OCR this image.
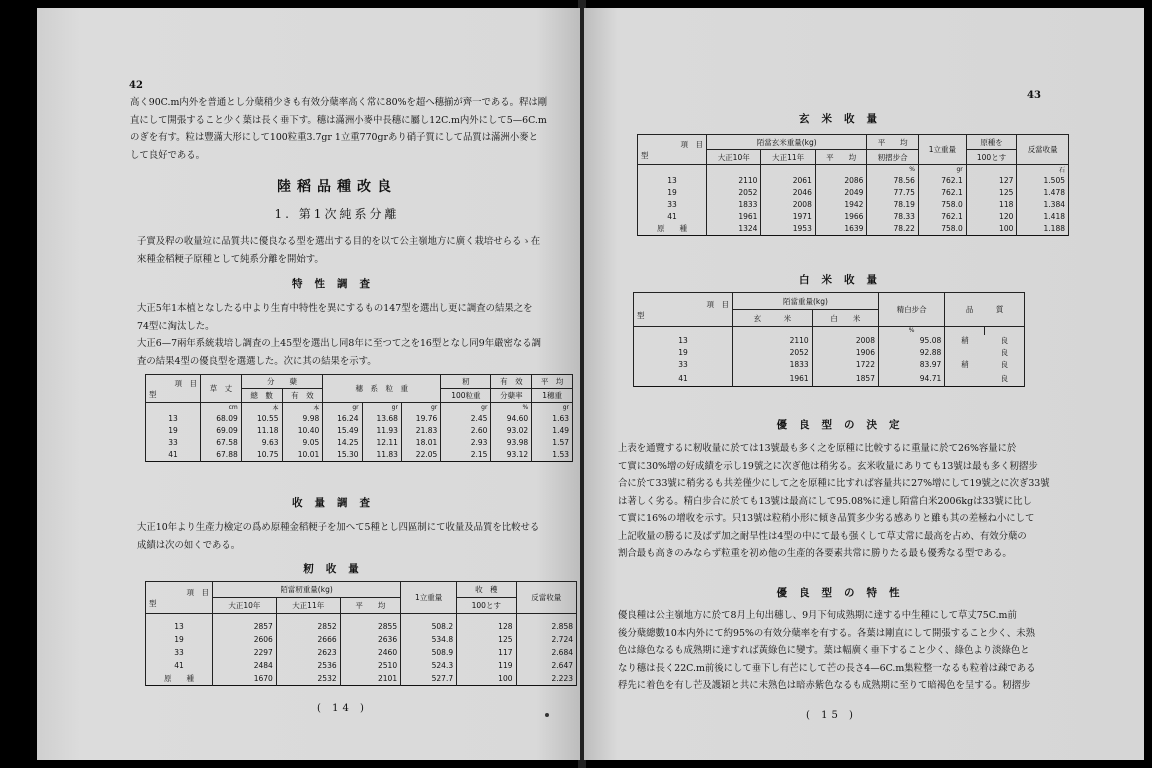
42
高く90C.m内外を普通とし分蘖稍少きも有效分蘖率高く常に80%を超へ穗揃が齊一である。稈は剛
直にして開張すること少く葉は長く垂下す。穗は滿洲小麥中長穗に屬し12C.m内外にして5—6C.m
のぎを有す。粒は豐滿大形にして100粒重3.7gr 1立重770grあり硝子質にして品質は滿洲小麥と
して良好である。
陸稻品種改良
1. 第1次純系分離
子實及稈の收量竝に品質共に優良なる型を選出する目的を以て公主嶺地方に廣く栽培せらるゝ在
來種金稻粳子原種として純系分離を開始す。
特性調査
大正5年1本植となしたる中より生育中特性を異にするもの147型を選出し更に調査の結果之を
74型に淘汰した。
大正6—7兩年系統栽培し調査の上45型を選出し同8年に至つて之を16型となし同9年嚴密なる調
査の結果4型の優良型を選選した。次に其の結果を示す。
項　目
型	草　丈	分　　蘖		穗　系　粒　重			籾	有　效	平　均
		總　數	有　效				100粒重	分蘖率	1穗重
	cm	本	本	gr	gr	gr	gr	%	gr
13	68.09	10.55	9.98	16.24	13.68	19.76	2.45	94.60	1.63
19	69.09	11.18	10.40	15.49	11.93	21.83	2.60	93.02	1.49
33	67.58	9.63	9.05	14.25	12.11	18.01	2.93	93.98	1.57
41	67.88	10.75	10.01	15.30	11.83	22.05	2.15	93.12	1.53
收量調査
大正10年より生產力檢定の爲め原種金稻粳子を加へて5種とし四區制にて收量及品質を比較せる
成績は次の如くである。
籾收量
項　目
型	陌當籾重量(kg)			1立重量	收　穫	反當收量
	大正10年	大正11年	平　　均		100とす	

13	2857	2852	2855	508.2	128	2.858
19	2606	2666	2636	534.8	125	2.724
33	2297	2623	2460	508.9	117	2.684
41	2484	2536	2510	524.3	119	2.647
原　　種	1670	2532	2101	527.7	100	2.223
( 14 )
43
玄米收量
項　目
型	陌當玄米重量(kg)			平　　均	1立重量	原種を	反當收量
	大正10年	大正11年	平　　均	籾摺步合		100とす	
				%	gr		石
13	2110	2061	2086	78.56	762.1	127	1.505
19	2052	2046	2049	77.75	762.1	125	1.478
33	1833	2008	1942	78.19	758.0	118	1.384
41	1961	1971	1966	78.33	762.1	120	1.418
原　　種	1324	1953	1639	78.22	758.0	100	1.188
白米收量
項　目
型	陌當重量(kg)		精白步合	品　　　質	
	玄　　　米	白　　米			
			%		
13	2110	2008	95.08	稍	良
19	2052	1906	92.88		良
33	1833	1722	83.97	稍	良
41	1961	1857	94.71		良
優良型の決定
上表を通覽するに籾收量に於ては13號最も多く之を原種に比較するに重量に於て26%容量に於
て實に30%增の好成績を示し19號之に次ぎ他は稍劣る。玄米收量にありても13號は最も多く籾摺步
合に於て33號に稍劣るも共差僅少にして之を原種に比すれば容量共に27%增にして19號之に次ぎ33號
は著しく劣る。精白步合に於ても13號は最高にして95.08%に達し陌當白米2006kgは33號に比し
て實に16%の增收を示す。只13號は粒稍小形に傾き品質多少劣る感ありと雖も其の差極ね小にして
上記收量の勝るに及ばず加之耐旱性は4型の中にて最も强くして草丈常に最高を占め、有效分蘖の
割合最も高きのみならず粒重を初め他の生產的各要素共常に勝りたる最も優秀なる型である。
優良型の特性
優良種は公主嶺地方に於て8月上旬出穗し、9月下旬成熟期に達する中生種にして草丈75C.m前
後分蘖總數10本内外にて約95%の有效分蘖率を有する。各葉は剛直にして開張すること少く、未熟
色は綠色なるも成熟期に達すれば黃綠色に變す。葉は幅廣く垂下すること少く、綠色より淡綠色と
なり穗は長く22C.m前後にして垂下し有芒にして芒の長さ4—6C.m集粒整一なるも粒着は疎である
稃先に着色を有し芒及護穎と共に未熟色は暗赤紫色なるも成熟期に至りて暗褐色を呈する。籾摺步
( 15 )
